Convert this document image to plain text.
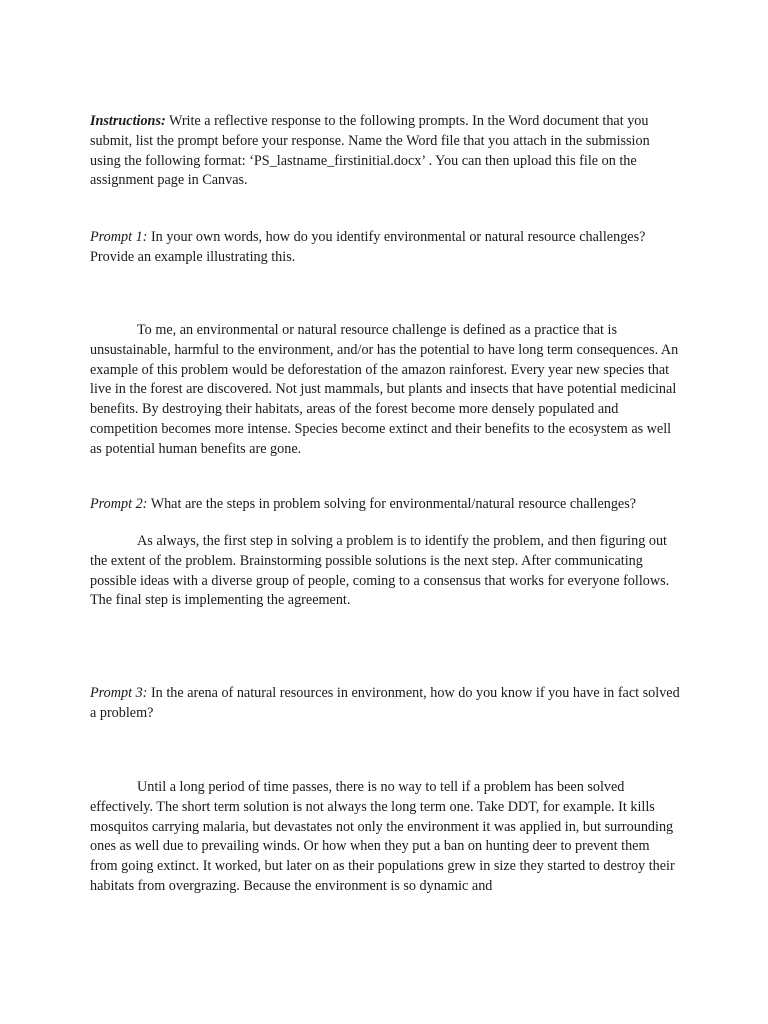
Instructions: Write a reflective response to the following prompts. In the Word document that you submit, list the prompt before your response. Name the Word file that you attach in the submission using the following format: ‘PS_lastname_firstinitial.docx’ . You can then upload this file on the assignment page in Canvas.

Prompt 1: In your own words, how do you identify environmental or natural resource challenges? Provide an example illustrating this.

To me, an environmental or natural resource challenge is defined as a practice that is unsustainable, harmful to the environment, and/or has the potential to have long term consequences. An example of this problem would be deforestation of the amazon rainforest. Every year new species that live in the forest are discovered. Not just mammals, but plants and insects that have potential medicinal benefits. By destroying their habitats, areas of the forest become more densely populated and competition becomes more intense. Species become extinct and their benefits to the ecosystem as well as potential human benefits are gone.

Prompt 2: What are the steps in problem solving for environmental/natural resource challenges?

As always, the first step in solving a problem is to identify the problem, and then figuring out the extent of the problem. Brainstorming possible solutions is the next step. After communicating possible ideas with a diverse group of people, coming to a consensus that works for everyone follows. The final step is implementing the agreement.

Prompt 3: In the arena of natural resources in environment, how do you know if you have in fact solved a problem?

Until a long period of time passes, there is no way to tell if a problem has been solved effectively. The short term solution is not always the long term one. Take DDT, for example. It kills mosquitos carrying malaria, but devastates not only the environment it was applied in, but surrounding ones as well due to prevailing winds. Or how when they put a ban on hunting deer to prevent them from going extinct. It worked, but later on as their populations grew in size they started to destroy their habitats from overgrazing. Because the environment is so dynamic and
